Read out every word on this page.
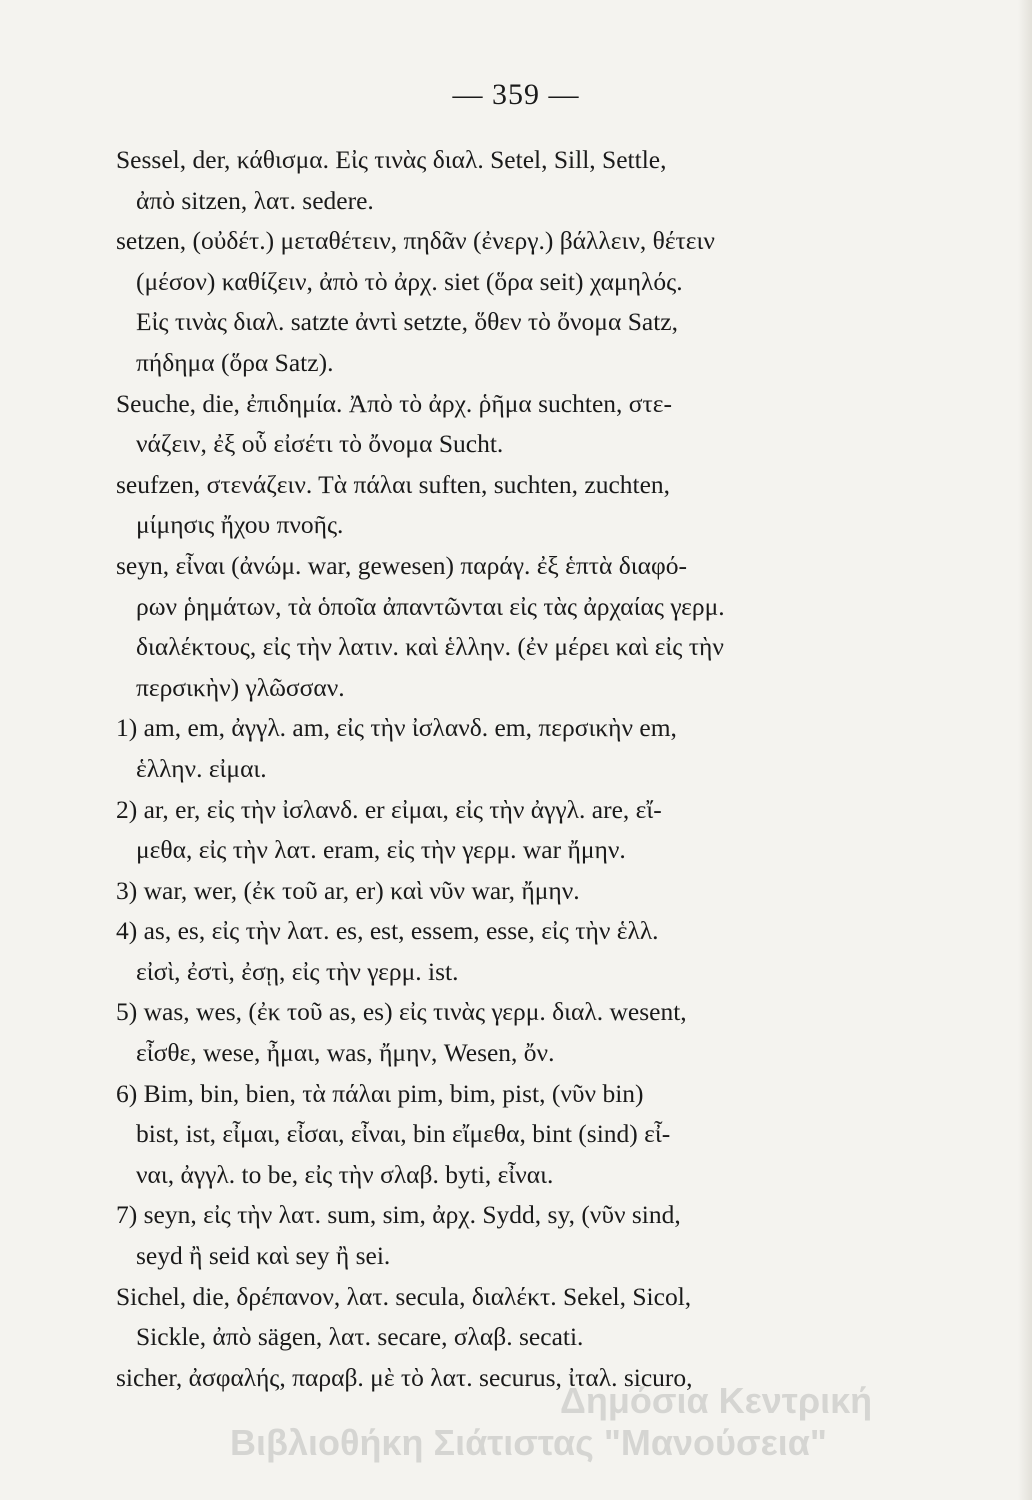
— 359 —
Sessel, der, κάθισμα. Εἰς τινὰς διαλ. Setel, Sill, Settle,
ἀπὸ sitzen, λατ. sedere.
setzen, (οὐδέτ.) μεταθέτειν, πηδᾶν (ἐνεργ.) βάλλειν, θέτειν
(μέσον) καθίζειν, ἀπὸ τὸ ἀρχ. siet (ὅρα seit) χαμηλός.
Εἰς τινὰς διαλ. satzte ἀντὶ setzte, ὅθεν τὸ ὄνομα Satz,
πήδημα (ὅρα Satz).
Seuche, die, ἐπιδημία. Ἀπὸ τὸ ἀρχ. ῥῆμα suchten, στε-
νάζειν, ἐξ οὗ εἰσέτι τὸ ὄνομα Sucht.
seufzen, στενάζειν. Τὰ πάλαι suften, suchten, zuchten,
μίμησις ἤχου πνοῆς.
seyn, εἶναι (ἀνώμ. war, gewesen) παράγ. ἐξ ἑπτὰ διαφό-
ρων ῥημάτων, τὰ ὁποῖα ἀπαντῶνται εἰς τὰς ἀρχαίας γερμ.
διαλέκτους, εἰς τὴν λατιν. καὶ ἑλλην. (ἐν μέρει καὶ εἰς τὴν
περσικὴν) γλῶσσαν.
1) am, em, ἀγγλ. am, εἰς τὴν ἰσλανδ. em, περσικὴν em,
ἑλλην. εἰμαι.
2) ar, er, εἰς τὴν ἰσλανδ. er εἰμαι, εἰς τὴν ἀγγλ. are, εἴ-
μεθα, εἰς τὴν λατ. eram, εἰς τὴν γερμ. war ἤμην.
3) war, wer, (ἐκ τοῦ ar, er) καὶ νῦν war, ἤμην.
4) as, es, εἰς τὴν λατ. es, est, essem, esse, εἰς τὴν ἑλλ.
εἰσὶ, ἐστὶ, ἐσῃ, εἰς τὴν γερμ. ist.
5) was, wes, (ἐκ τοῦ as, es) εἰς τινὰς γερμ. διαλ. wesent,
εἶσθε, wese, ἦμαι, was, ἤμην, Wesen, ὄν.
6) Bim, bin, bien, τὰ πάλαι pim, bim, pist, (νῦν bin)
bist, ist, εἶμαι, εἶσαι, εἶναι, bin εἴμεθα, bint (sind) εἶ-
ναι, ἀγγλ. to be, εἰς τὴν σλαβ. byti, εἶναι.
7) seyn, εἰς τὴν λατ. sum, sim, ἀρχ. Sydd, sy, (νῦν sind,
seyd ἢ seid καὶ sey ἢ sei.
Sichel, die, δρέπανον, λατ. secula, διαλέκτ. Sekel, Sicol,
Sickle, ἀπὸ sägen, λατ. secare, σλαβ. secati.
sicher, ἀσφαλής, παραβ. μὲ τὸ λατ. securus, ἰταλ. sicuro,
Δημόσια Κεντρική
Βιβλιοθήκη Σιάτιστας "Μανούσεια"
